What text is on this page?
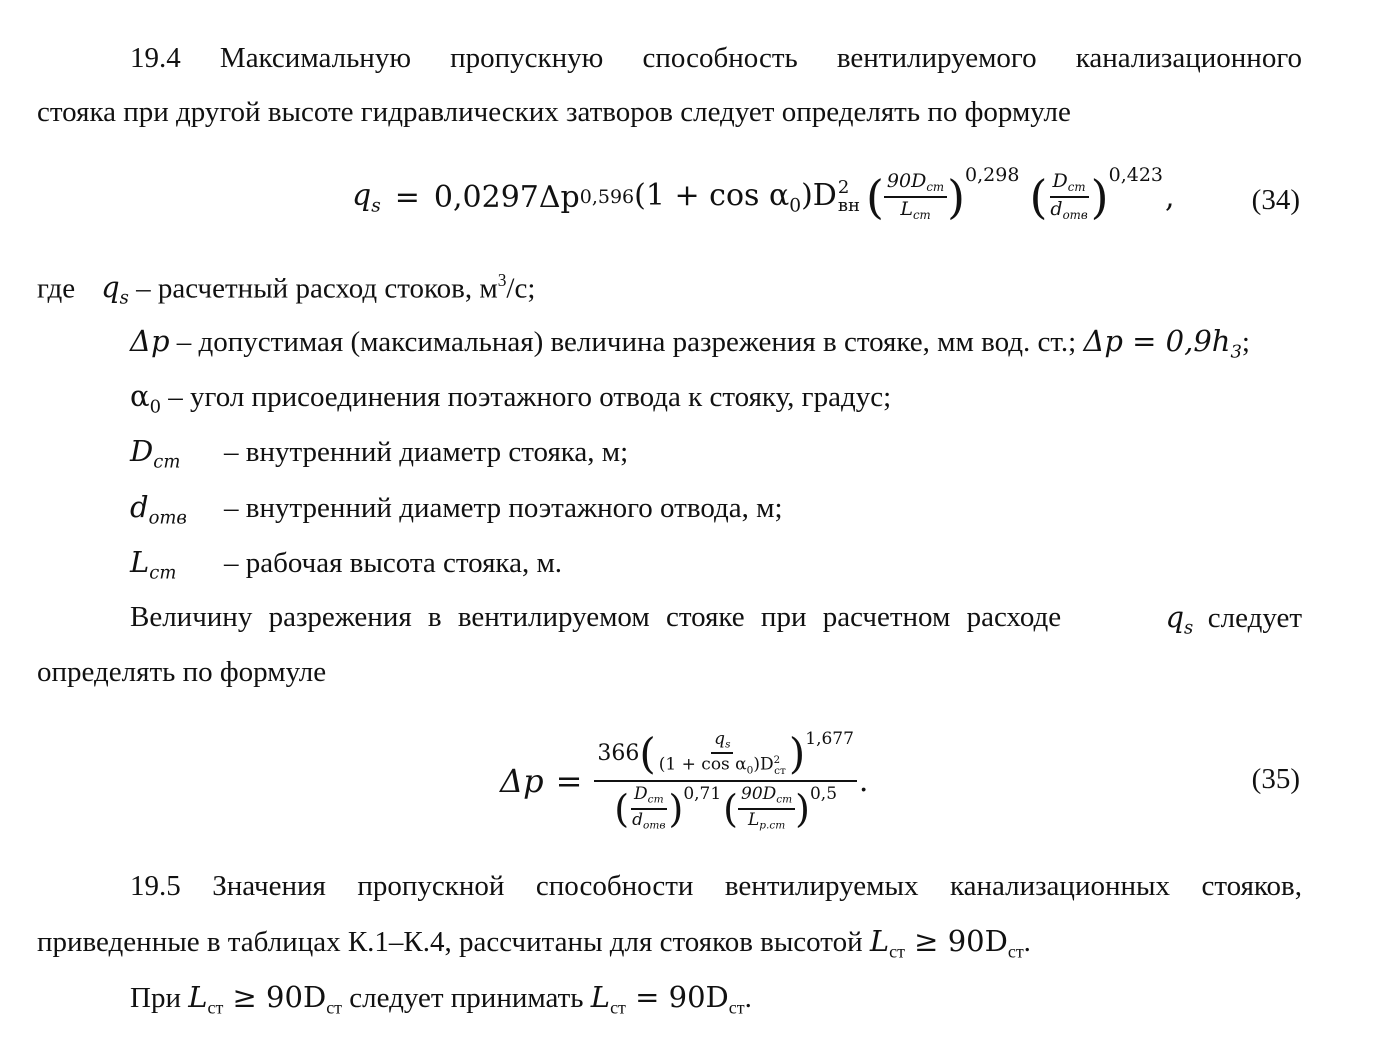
19.4 Максимальную пропускную способность вентилируемого канализационного
стояка при другой высоте гидравлических затворов следует определять по формуле
$q_s = 0,0297\Delta p$ 0,596 $(1 + \cos \alpha_0)D$ 2
вн ( $\frac{90D_{ст}}{L_{ст}}$ ) 0,298 ( $\frac{D_{ст}}{d_{отв}}$ ) 0,423
,	(34)
где $q_s$ – расчетный расход стоков, $м^3/с$;
Δp – допустимая (максимальная) величина разрежения в стояке, мм вод. ст.; $\Delta p = 0,9h_3$;
$\alpha_0$ – угол присоединения поэтажного отвода к стояку, градус;
$D_{ст}$ – внутренний диаметр стояка, м;
$d_{отв}$ – внутренний диаметр поэтажного отвода, м;
$L_{ст}$ – рабочая высота стояка, м.
Величину разрежения в вентилируемом стояке при расчетном расходе	$q_s$ следует
определять по формуле
Δp =
366 ( $\frac{q_s}{(1 + \cos \alpha_0)D^2_{ст}}$ ) 1,677
( $\frac{D_{ст}}{d_{отв}}$ ) 0,71 ( $\frac{90D_{ст}}{L_{р.ст}}$ ) 0,5 .	(35)
19.5 Значения пропускной способности вентилируемых канализационных стояков,
приведенные в таблицах К.1–К.4, рассчитаны для стояков высотой $L_{ст} \ge 90D_{ст}$.
При $L_{ст} \ge 90D_{ст}$ следует принимать $L_{ст} = 90D_{ст}$.
